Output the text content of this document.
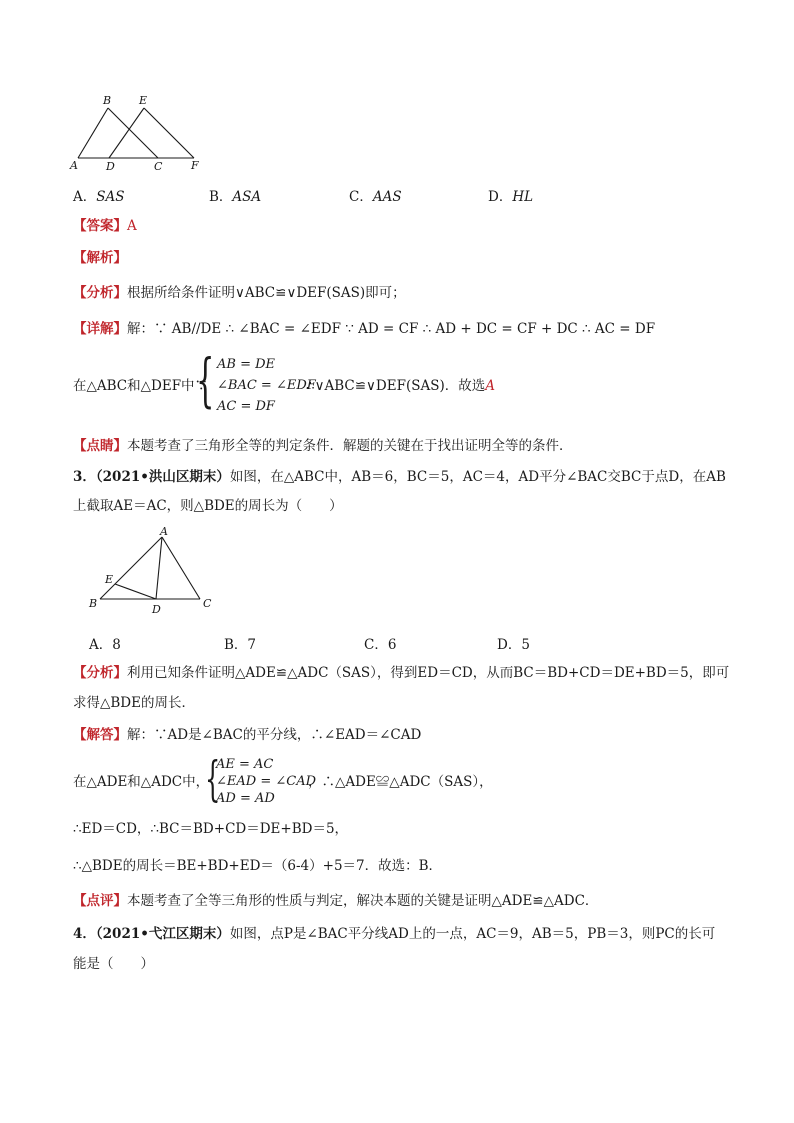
A
B	E
D	C	F
A．SAS	B．ASA	C．AAS	D．HL
【答案】A
【解析】
【分析】根据所给条件证明∨ABC≌∨DEF(SAS)即可；
【详解】解：∵ AB//DE ∴ ∠BAC = ∠EDF ∵ AD = CF ∴ AD + DC = CF + DC ∴ AC = DF
在△ABC和△DEF中∵
{ AB = DE
∠BAC = ∠EDF
AC = DF
∴∨ABC≌∨DEF(SAS)．故选A
【点睛】本题考查了三角形全等的判定条件．解题的关键在于找出证明全等的条件．
3．（2021•洪山区期末）如图，在△ABC中，AB＝6，BC＝5，AC＝4，AD平分∠BAC交BC于点D，在AB
上截取AE＝AC，则△BDE的周长为（　　）
A
E
B	D	C
A．8	B．7	C．6	D．5
【分析】利用已知条件证明△ADE≌△ADC（SAS），得到ED＝CD，从而BC＝BD+CD＝DE+BD＝5，即可
求得△BDE的周长．
【解答】解：∵AD是∠BAC的平分线，∴∠EAD＝∠CAD
在△ADE和△ADC中，
{
AE = AC
∠EAD = ∠CAD
AD = AD
，∴△ADE≌△ADC（SAS），
∴ED＝CD，∴BC＝BD+CD＝DE+BD＝5，
∴△BDE的周长＝BE+BD+ED＝（6-4）+5＝7．故选：B．
【点评】本题考查了全等三角形的性质与判定，解决本题的关键是证明△ADE≌△ADC．
4．（2021•弋江区期末）如图，点P是∠BAC平分线AD上的一点，AC＝9，AB＝5，PB＝3，则PC的长可
能是（　　）
